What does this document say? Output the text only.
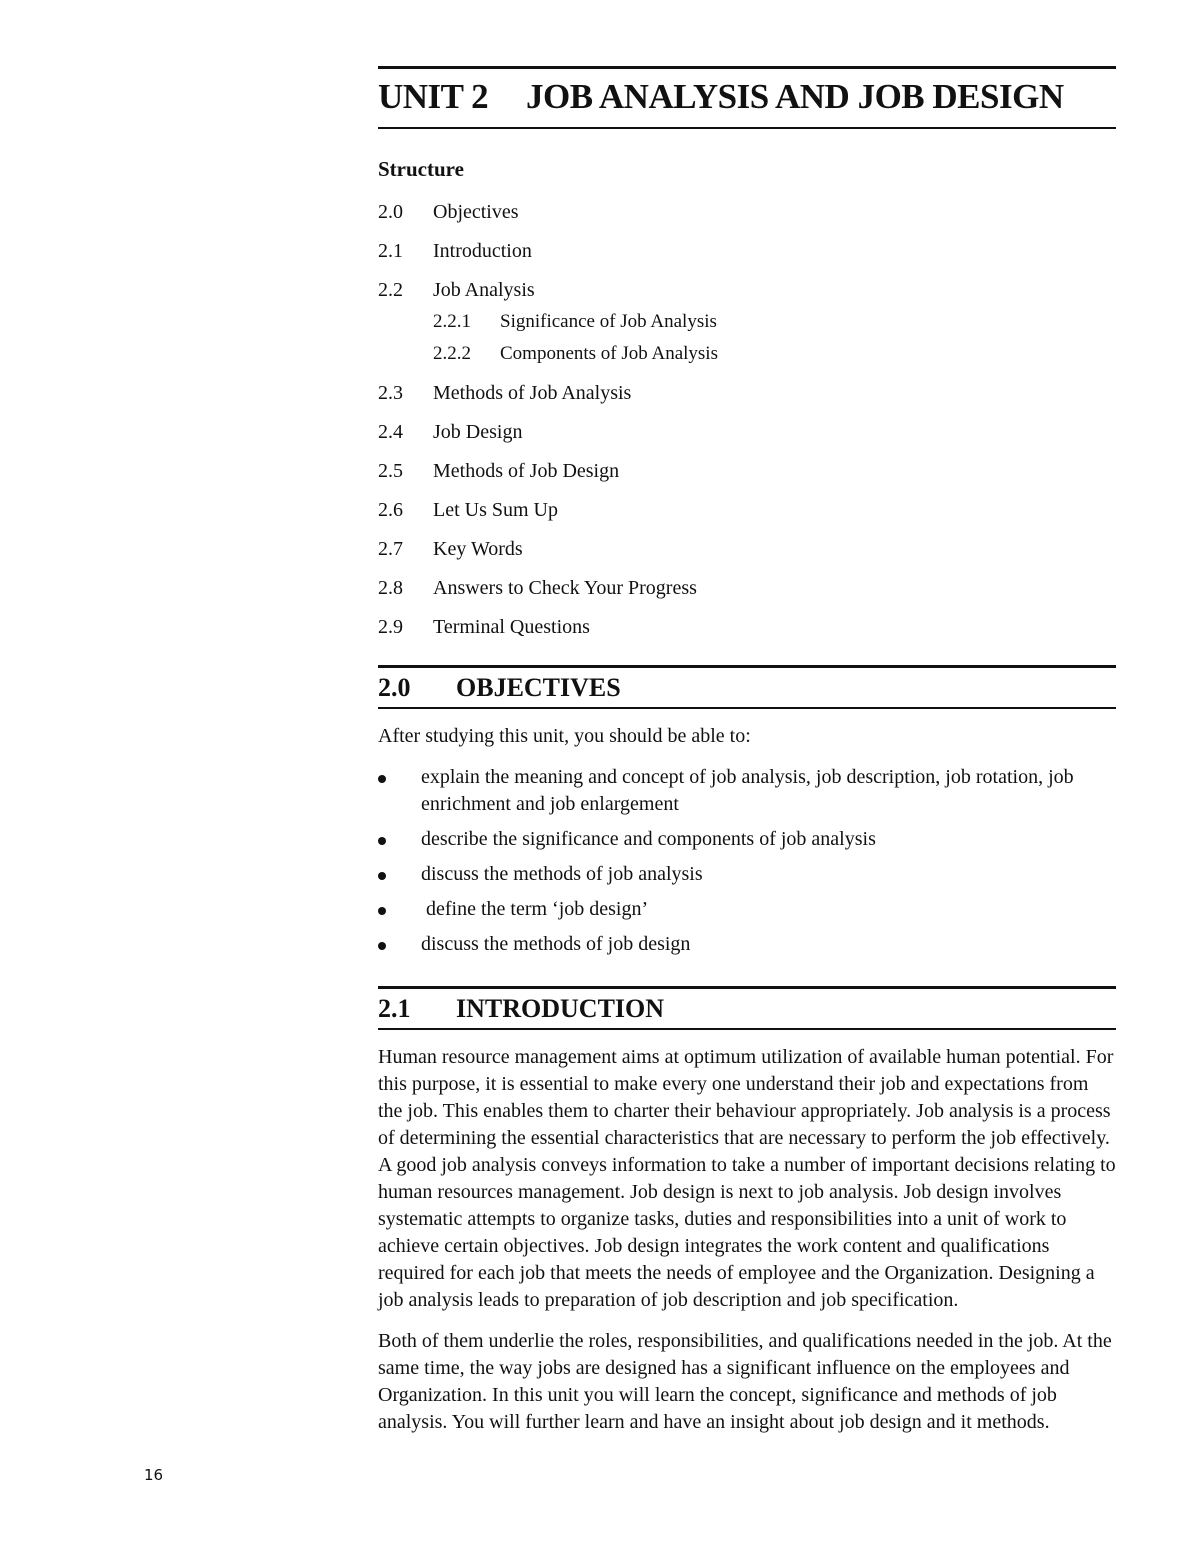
UNIT 2 JOB ANALYSIS AND JOB DESIGN
Structure
2.0 Objectives
2.1 Introduction
2.2 Job Analysis
2.2.1 Significance of Job Analysis
2.2.2 Components of Job Analysis
2.3 Methods of Job Analysis
2.4 Job Design
2.5 Methods of Job Design
2.6 Let Us Sum Up
2.7 Key Words
2.8 Answers to Check Your Progress
2.9 Terminal Questions
2.0 OBJECTIVES

After studying this unit, you should be able to:

explain the meaning and concept of job analysis, job description, job rotation, job enrichment and job enlargement
describe the significance and components of job analysis
discuss the methods of job analysis
define the term ‘job design’
discuss the methods of job design
2.1 INTRODUCTION

Human resource management aims at optimum utilization of available human potential. For this purpose, it is essential to make every one understand their job and expectations from the job. This enables them to charter their behaviour appropriately. Job analysis is a process of determining the essential characteristics that are necessary to perform the job effectively. A good job analysis conveys information to take a number of important decisions relating to human resources management. Job design is next to job analysis. Job design involves systematic attempts to organize tasks, duties and responsibilities into a unit of work to achieve certain objectives. Job design integrates the work content and qualifications required for each job that meets the needs of employee and the Organization. Designing a job analysis leads to preparation of job description and job specification.

Both of them underlie the roles, responsibilities, and qualifications needed in the job. At the same time, the way jobs are designed has a significant influence on the employees and Organization. In this unit you will learn the concept, significance and methods of job analysis. You will further learn and have an insight about job design and it methods.

16
